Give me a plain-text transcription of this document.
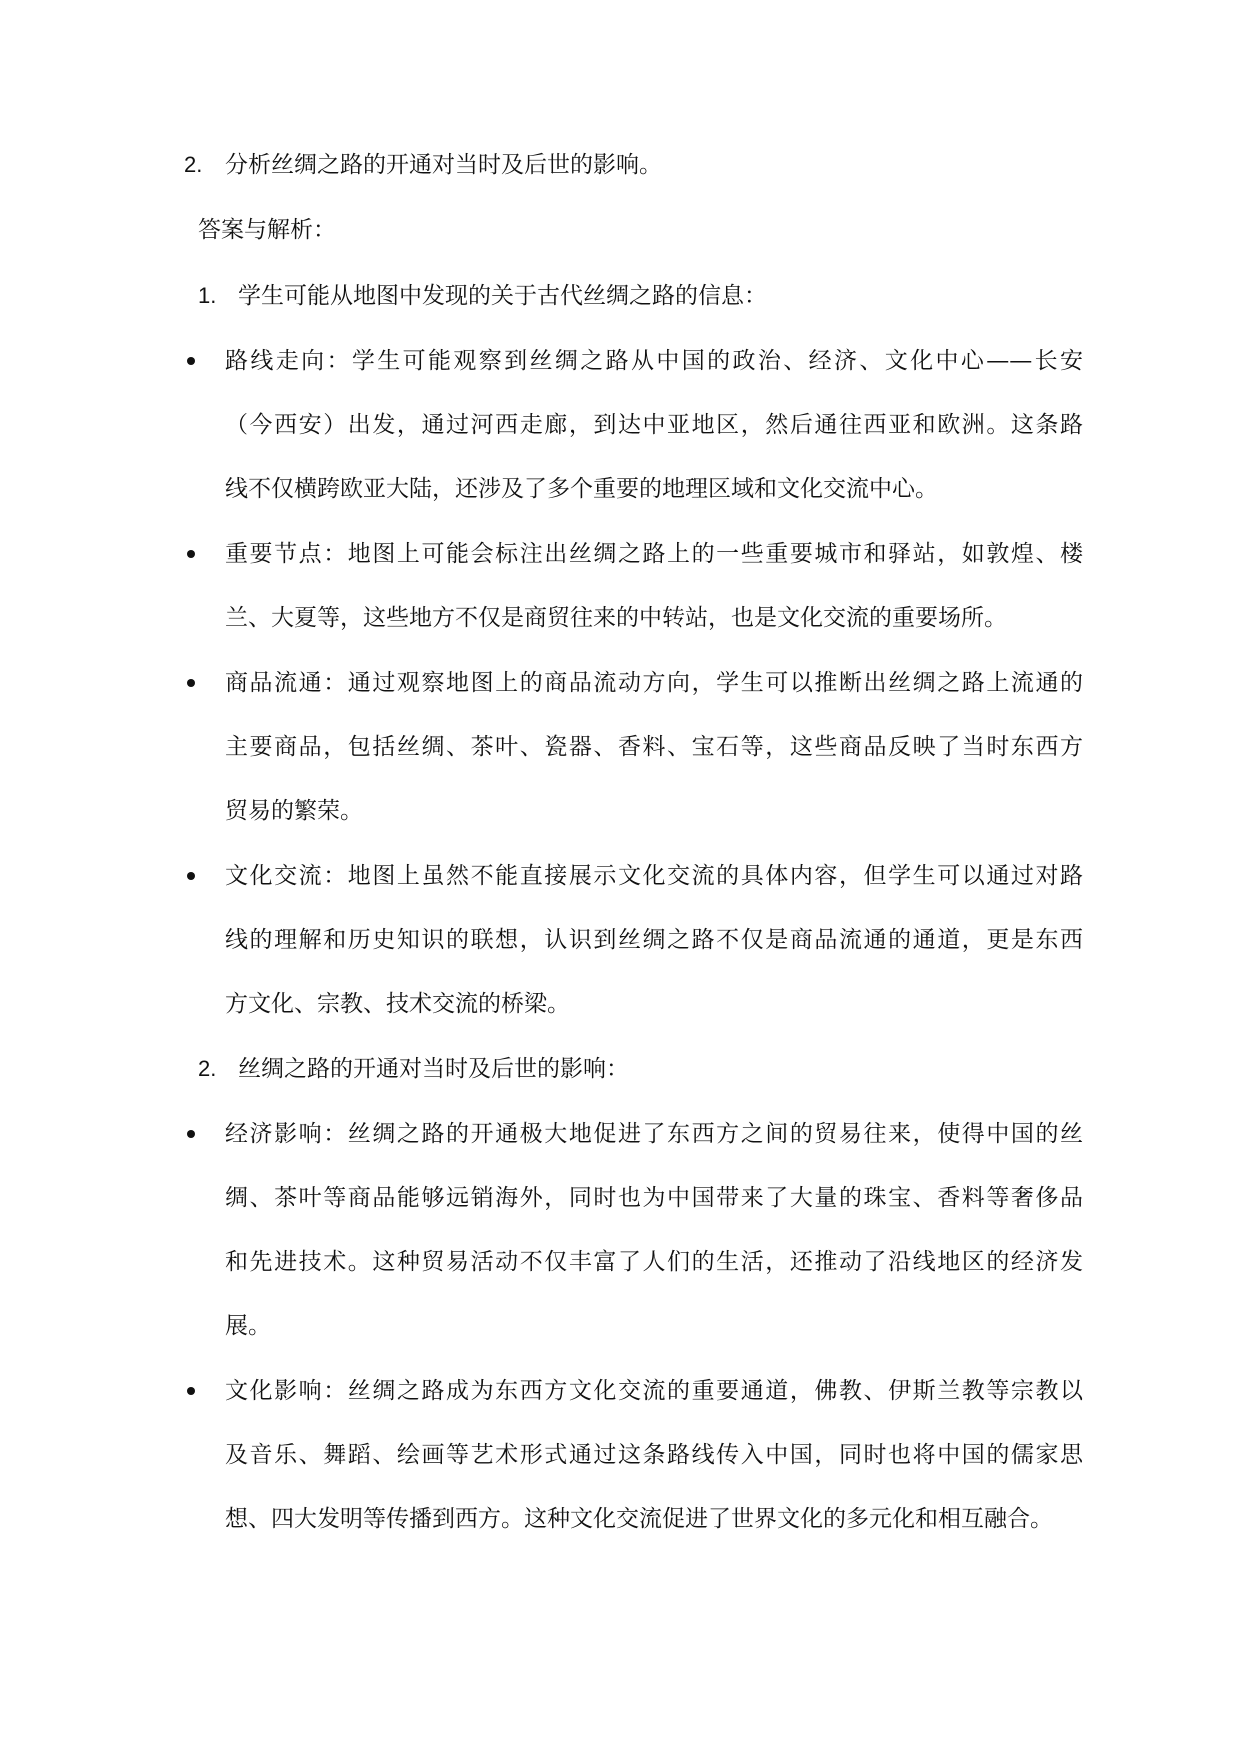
2. 分析丝绸之路的开通对当时及后世的影响。
答案与解析：
1. 学生可能从地图中发现的关于古代丝绸之路的信息：
路线走向：学生可能观察到丝绸之路从中国的政治、经济、文化中心——长安
（今西安）出发，通过河西走廊，到达中亚地区，然后通往西亚和欧洲。这条路
线不仅横跨欧亚大陆，还涉及了多个重要的地理区域和文化交流中心。
重要节点：地图上可能会标注出丝绸之路上的一些重要城市和驿站，如敦煌、楼
兰、大夏等，这些地方不仅是商贸往来的中转站，也是文化交流的重要场所。
商品流通：通过观察地图上的商品流动方向，学生可以推断出丝绸之路上流通的
主要商品，包括丝绸、茶叶、瓷器、香料、宝石等，这些商品反映了当时东西方
贸易的繁荣。
文化交流：地图上虽然不能直接展示文化交流的具体内容，但学生可以通过对路
线的理解和历史知识的联想，认识到丝绸之路不仅是商品流通的通道，更是东西
方文化、宗教、技术交流的桥梁。
2. 丝绸之路的开通对当时及后世的影响：
经济影响：丝绸之路的开通极大地促进了东西方之间的贸易往来，使得中国的丝
绸、茶叶等商品能够远销海外，同时也为中国带来了大量的珠宝、香料等奢侈品
和先进技术。这种贸易活动不仅丰富了人们的生活，还推动了沿线地区的经济发
展。
文化影响：丝绸之路成为东西方文化交流的重要通道，佛教、伊斯兰教等宗教以
及音乐、舞蹈、绘画等艺术形式通过这条路线传入中国，同时也将中国的儒家思
想、四大发明等传播到西方。这种文化交流促进了世界文化的多元化和相互融合。
